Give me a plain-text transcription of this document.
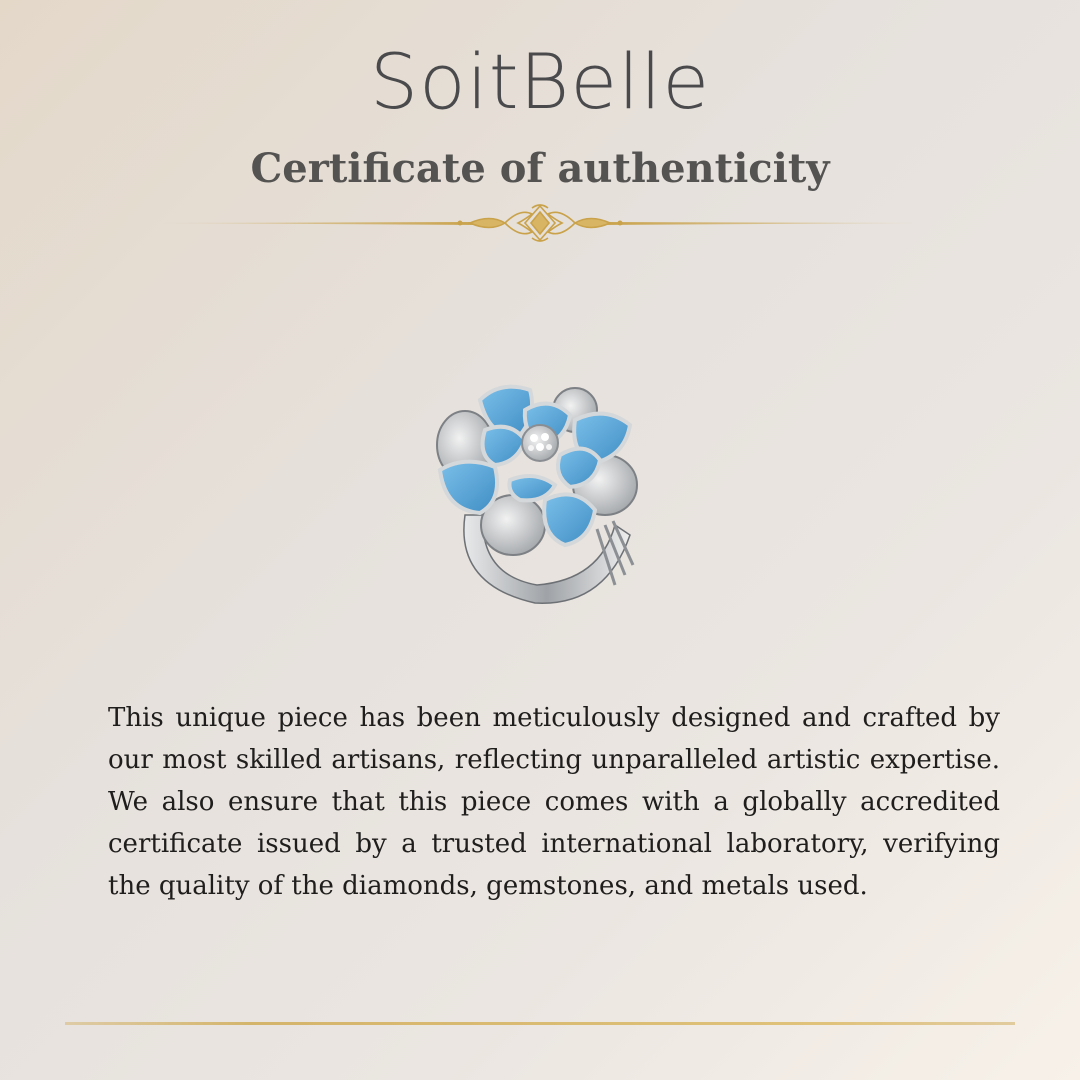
SoitBelle
Certificate of authenticity

This unique piece has been meticulously designed and crafted by our most skilled artisans, reflecting unparalleled artistic expertise. We also ensure that this piece comes with a globally accredited certificate issued by a trusted international laboratory, verifying the quality of the diamonds, gemstones, and metals used.
